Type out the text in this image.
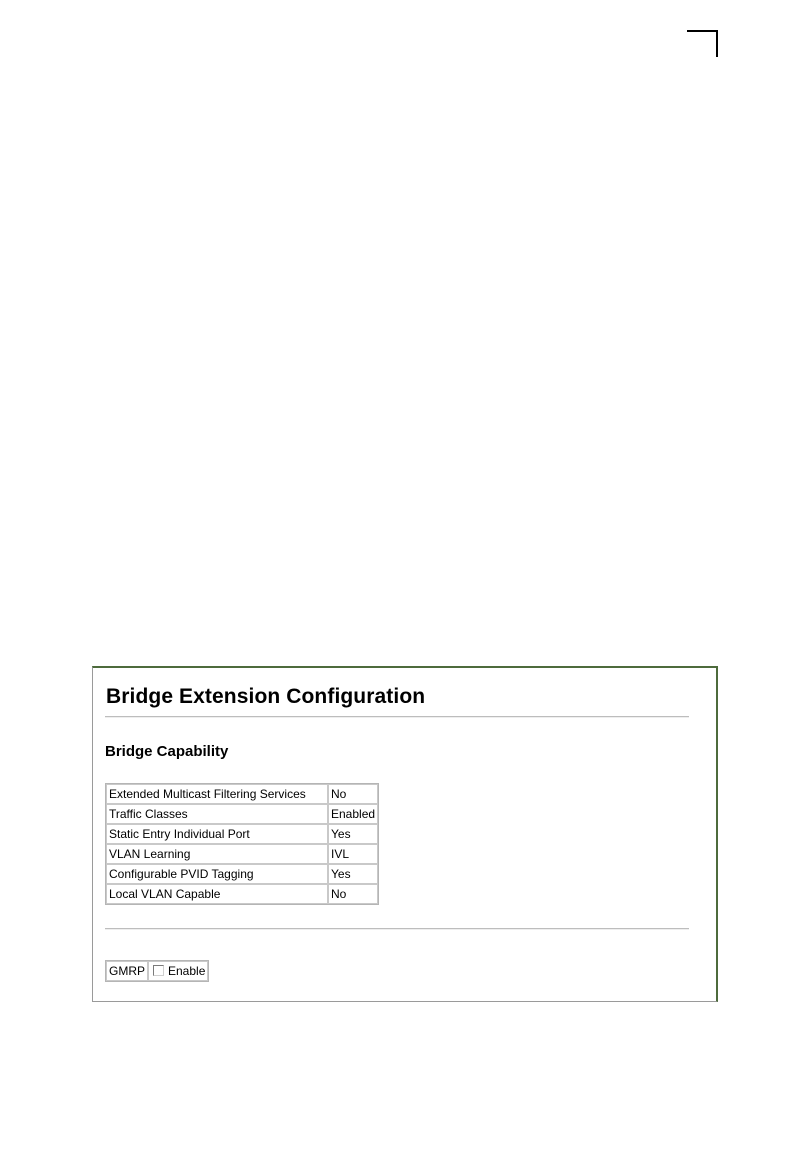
Bridge Extension Configuration
Bridge Capability
Extended Multicast Filtering Services	No
Traffic Classes	Enabled
Static Entry Individual Port	Yes
VLAN Learning	IVL
Configurable PVID Tagging	Yes
Local VLAN Capable	No
GMRP	Enable
